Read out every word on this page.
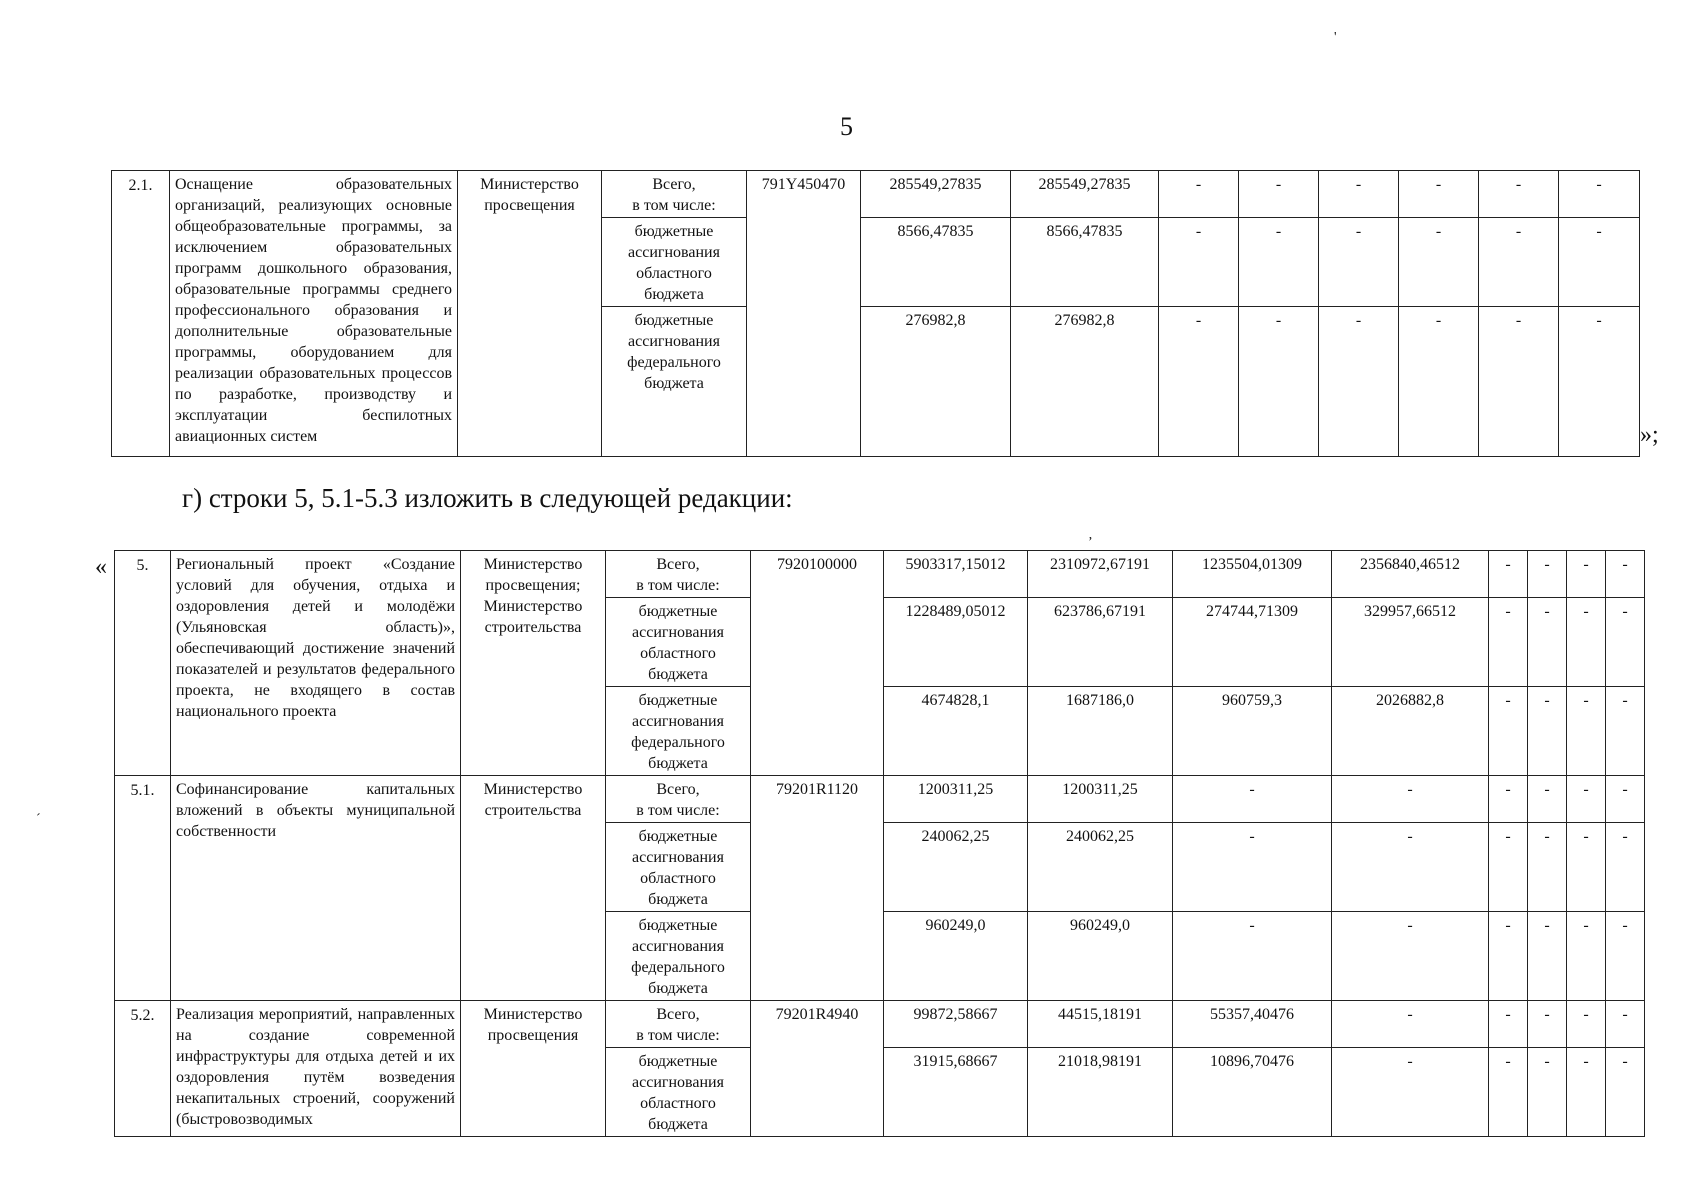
5
'
ʼ
´
2.1.	Оснащение образовательных организаций, реализующих основные общеобразовательные программы, за исключением образовательных программ дошкольного образования, образовательные программы среднего профессионального образования и дополнительные образовательные программы, оборудованием для реализации образовательных процессов по разработке, производству и эксплуатации беспилотных авиационных систем	Министерство просвещения	Всего,
в том числе:	791Y450470	285549,27835	285549,27835	-	-	-	-	-	-
			бюджетные
ассигнования
областного
бюджета		8566,47835	8566,47835	-	-	-	-	-	-
			бюджетные
ассигнования
федерального
бюджета		276982,8	276982,8	-	-	-	-	-	-
»;
г) строки 5, 5.1-5.3 изложить в следующей редакции:
« 5.	Региональный проект «Создание условий для обучения, отдыха и оздоровления детей и молодёжи (Ульяновская область)», обеспечивающий достижение значений показателей и результатов федерального проекта, не входящего в состав национального проекта	Министерство просвещения; Министерство строительства	Всего,
в том числе:	7920100000	5903317,15012	2310972,67191	1235504,01309	2356840,46512	-	-	-	-
			бюджетные
ассигнования
областного
бюджета		1228489,05012	623786,67191	274744,71309	329957,66512	-	-	-	-
			бюджетные
ассигнования
федерального
бюджета		4674828,1	1687186,0	960759,3	2026882,8	-	-	-	-
5.1.	Софинансирование капитальных вложений в объекты муниципальной собственности	Министерство строительства	Всего,
в том числе:	79201R1120	1200311,25	1200311,25	-	-	-	-	-	-
			бюджетные
ассигнования
областного
бюджета		240062,25	240062,25	-	-	-	-	-	-
			бюджетные
ассигнования
федерального
бюджета		960249,0	960249,0	-	-	-	-	-	-
5.2.	Реализация мероприятий, направленных на создание современной инфраструктуры для отдыха детей и их оздоровления путём возведения некапитальных строений, сооружений (быстровозводимых	Министерство просвещения	Всего,
в том числе:	79201R4940	99872,58667	44515,18191	55357,40476	-	-	-	-	-
			бюджетные
ассигнования
областного
бюджета		31915,68667	21018,98191	10896,70476	-	-	-	-	-
